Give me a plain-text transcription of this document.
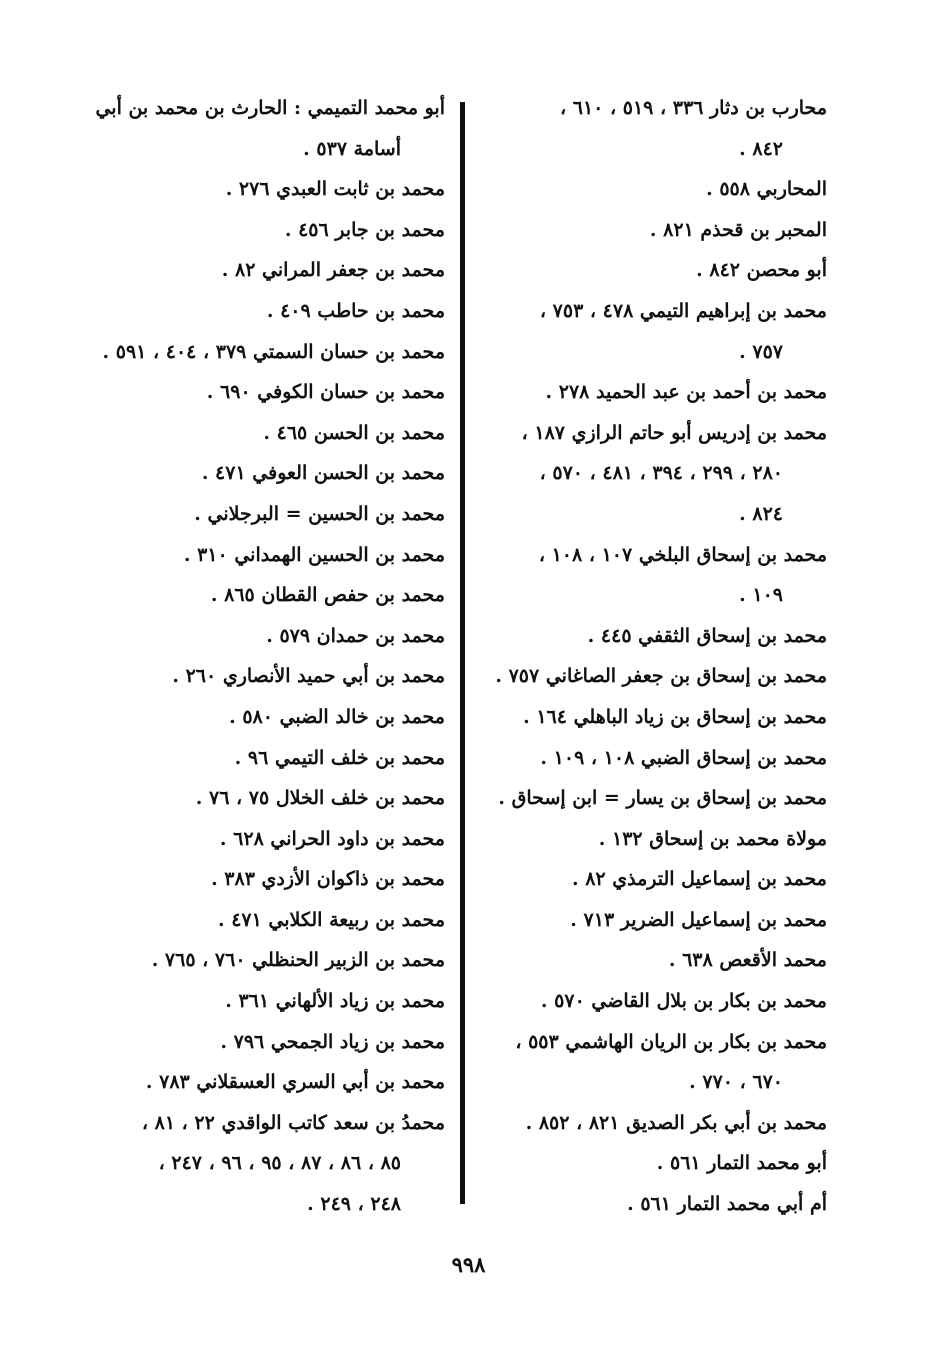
محارب بن دثار ٣٣٦ ، ٥١٩ ، ٦١٠ ،
٨٤٢ .
المحاربي ٥٥٨ .
المحبر بن قحذم ٨٢١ .
أبو محصن ٨٤٢ .
محمد بن إبراهيم التيمي ٤٧٨ ، ٧٥٣ ،
٧٥٧ .
محمد بن أحمد بن عبد الحميد ٢٧٨ .
محمد بن إدريس أبو حاتم الرازي ١٨٧ ،
٢٨٠ ، ٢٩٩ ، ٣٩٤ ، ٤٨١ ، ٥٧٠ ،
٨٢٤ .
محمد بن إسحاق البلخي ١٠٧ ، ١٠٨ ،
١٠٩ .
محمد بن إسحاق الثقفي ٤٤٥ .
محمد بن إسحاق بن جعفر الصاغاني ٧٥٧ .
محمد بن إسحاق بن زياد الباهلي ١٦٤ .
محمد بن إسحاق الضبي ١٠٨ ، ١٠٩ .
محمد بن إسحاق بن يسار = ابن إسحاق .
مولاة محمد بن إسحاق ١٣٢ .
محمد بن إسماعيل الترمذي ٨٢ .
محمد بن إسماعيل الضرير ٧١٣ .
محمد الأقعص ٦٣٨ .
محمد بن بكار بن بلال القاضي ٥٧٠ .
محمد بن بكار بن الريان الهاشمي ٥٥٣ ،
٦٧٠ ، ٧٧٠ .
محمد بن أبي بكر الصديق ٨٢١ ، ٨٥٢ .
أبو محمد التمار ٥٦١ .
أم أبي محمد التمار ٥٦١ .
أبو محمد التميمي : الحارث بن محمد بن أبي
أسامة ٥٣٧ .
محمد بن ثابت العبدي ٢٧٦ .
محمد بن جابر ٤٥٦ .
محمد بن جعفر المراني ٨٢ .
محمد بن حاطب ٤٠٩ .
محمد بن حسان السمتي ٣٧٩ ، ٤٠٤ ، ٥٩١ .
محمد بن حسان الكوفي ٦٩٠ .
محمد بن الحسن ٤٦٥ .
محمد بن الحسن العوفي ٤٧١ .
محمد بن الحسين = البرجلاني .
محمد بن الحسين الهمداني ٣١٠ .
محمد بن حفص القطان ٨٦٥ .
محمد بن حمدان ٥٧٩ .
محمد بن أبي حميد الأنصاري ٢٦٠ .
محمد بن خالد الضبي ٥٨٠ .
محمد بن خلف التيمي ٩٦ .
محمد بن خلف الخلال ٧٥ ، ٧٦ .
محمد بن داود الحراني ٦٢٨ .
محمد بن ذاكوان الأزدي ٣٨٣ .
محمد بن ربيعة الكلابي ٤٧١ .
محمد بن الزبير الحنظلي ٧٦٠ ، ٧٦٥ .
محمد بن زياد الألهاني ٣٦١ .
محمد بن زياد الجمحي ٧٩٦ .
محمد بن أبي السري العسقلاني ٧٨٣ .
محمدُ بن سعد كاتب الواقدي ٢٢ ، ٨١ ،
٨٥ ، ٨٦ ، ٨٧ ، ٩٥ ، ٩٦ ، ٢٤٧ ،
٢٤٨ ، ٢٤٩ .
٩٩٨
